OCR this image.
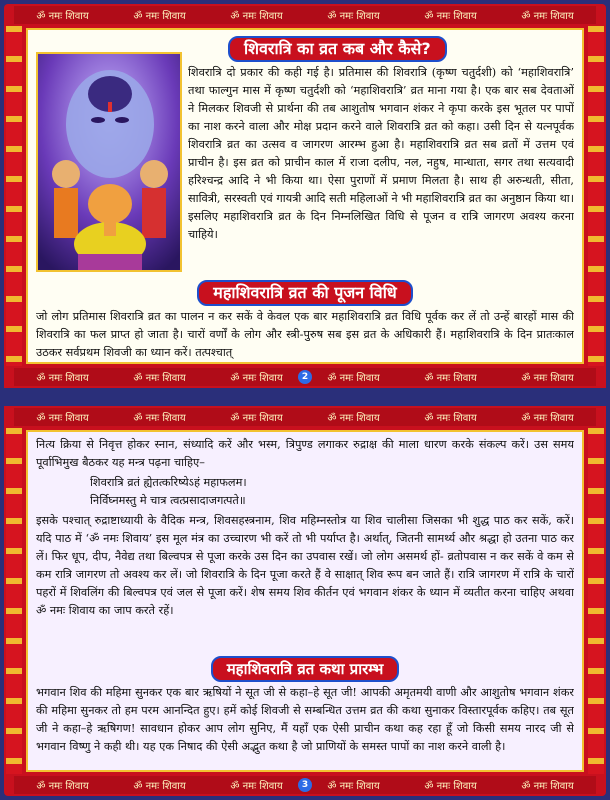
ॐ नमः शिवाय	ॐ नमः शिवाय	ॐ नमः शिवाय	ॐ नमः शिवाय	ॐ नमः शिवाय	ॐ नमः शिवाय
शिवरात्रि का व्रत कब और कैसे?

शिवरात्रि दो प्रकार की कही गई है। प्रतिमास की शिवरात्रि (कृष्ण चतुर्दशी) को ‘महाशिवरात्रि’ तथा फाल्गुन मास में कृष्ण चतुर्दशी को ‘महाशिवरात्रि’ व्रत माना गया है। एक बार सब देवताओं ने मिलकर शिवजी से प्रार्थना की तब आशुतोष भगवान शंकर ने कृपा करके इस भूतल पर पापों का नाश करने वाला और मोक्ष प्रदान करने वाले शिवरात्रि व्रत को कहा। उसी दिन से यत्नपूर्वक शिवरात्रि व्रत का उत्सव व जागरण आरम्भ हुआ है। महाशिवरात्रि व्रत सब व्रतों में उत्तम एवं प्राचीन है। इस व्रत को प्राचीन काल में राजा दलीप, नल, नहुष, मान्धाता, सगर तथा सत्यवादी हरिश्चन्द्र आदि ने भी किया था। ऐसा पुराणों में प्रमाण मिलता है। साथ ही अरुन्धती, सीता, सावित्री, सरस्वती एवं गायत्री आदि सती महिलाओं ने भी महाशिवरात्रि व्रत का अनुष्ठान किया था। इसलिए महाशिवरात्रि व्रत के दिन निम्नलिखित विधि से पूजन व रात्रि जागरण अवश्य करना चाहिये।

महाशिवरात्रि व्रत की पूजन विधि

जो लोग प्रतिमास शिवरात्रि व्रत का पालन न कर सकें वे केवल एक बार महाशिवरात्रि व्रत विधि पूर्वक कर लें तो उन्हें बारहों मास की शिवरात्रि का फल प्राप्त हो जाता है। चारों वर्णों के लोग और स्त्री-पुरुष सब इस व्रत के अधिकारी हैं। महाशिवरात्रि के दिन प्रातःकाल उठकर सर्वप्रथम शिवजी का ध्यान करें। तत्पश्चात्

ॐ नमः शिवाय	ॐ नमः शिवाय	ॐ नमः शिवाय	ॐ नमः शिवाय	ॐ नमः शिवाय	ॐ नमः शिवाय
2
ॐ नमः शिवाय	ॐ नमः शिवाय	ॐ नमः शिवाय	ॐ नमः शिवाय	ॐ नमः शिवाय	ॐ नमः शिवाय

नित्य क्रिया से निवृत्त होकर स्नान, संध्यादि करें और भस्म, त्रिपुण्ड लगाकर रुद्राक्ष की माला धारण करके संकल्प करें। उस समय पूर्वाभिमुख बैठकर यह मन्त्र पढ़ना चाहिए–

शिवरात्रि व्रतं ह्येतत्करिष्येऽहं महाफलम।
निर्विघ्नमस्तु मे चात्र त्वत्प्रसादाजगत्पते॥

इसके पश्चात् रुद्राष्टाध्यायी के वैदिक मन्त्र, शिवसहस्त्रनाम, शिव महिम्नस्तोत्र या शिव चालीसा जिसका भी शुद्ध पाठ कर सकें, करें। यदि पाठ में ‘ॐ नमः शिवाय’ इस मूल मंत्र का उच्चारण भी करें तो भी पर्याप्त है। अर्थात्, जितनी सामर्थ्य और श्रद्धा हो उतना पाठ कर लें। फिर धूप, दीप, नैवेद्य तथा बिल्वपत्र से पूजा करके उस दिन का उपवास रखें। जो लोग असमर्थ हों- व्रतोपवास न कर सकें वे कम से कम रात्रि जागरण तो अवश्य कर लें। जो शिवरात्रि के दिन पूजा करते हैं वे साक्षात् शिव रूप बन जाते हैं। रात्रि जागरण में रात्रि के चारों पहरों में शिवलिंग की बिल्वपत्र एवं जल से पूजा करें। शेष समय शिव कीर्तन एवं भगवान शंकर के ध्यान में व्यतीत करना चाहिए अथवा ॐ नमः शिवाय का जाप करते रहें।

महाशिवरात्रि व्रत कथा प्रारम्भ

भगवान शिव की महिमा सुनकर एक बार ऋषियों ने सूत जी से कहा–हे सूत जी! आपकी अमृतमयी वाणी और आशुतोष भगवान शंकर की महिमा सुनकर तो हम परम आनन्दित हुए। हमें कोई शिवजी से सम्बन्धित उत्तम व्रत की कथा सुनाकर विस्तारपूर्वक कहिए। तब सूत जी ने कहा–हे ऋषिगण! सावधान होकर आप लोग सुनिए, मैं यहाँ एक ऐसी प्राचीन कथा कह रहा हूँ जो किसी समय नारद जी से भगवान विष्णु ने कही थी। यह एक निषाद की ऐसी अद्भुत कथा है जो प्राणियों के समस्त पापों का नाश करने वाली है।

ॐ नमः शिवाय	ॐ नमः शिवाय	ॐ नमः शिवाय	ॐ नमः शिवाय	ॐ नमः शिवाय	ॐ नमः शिवाय
3
